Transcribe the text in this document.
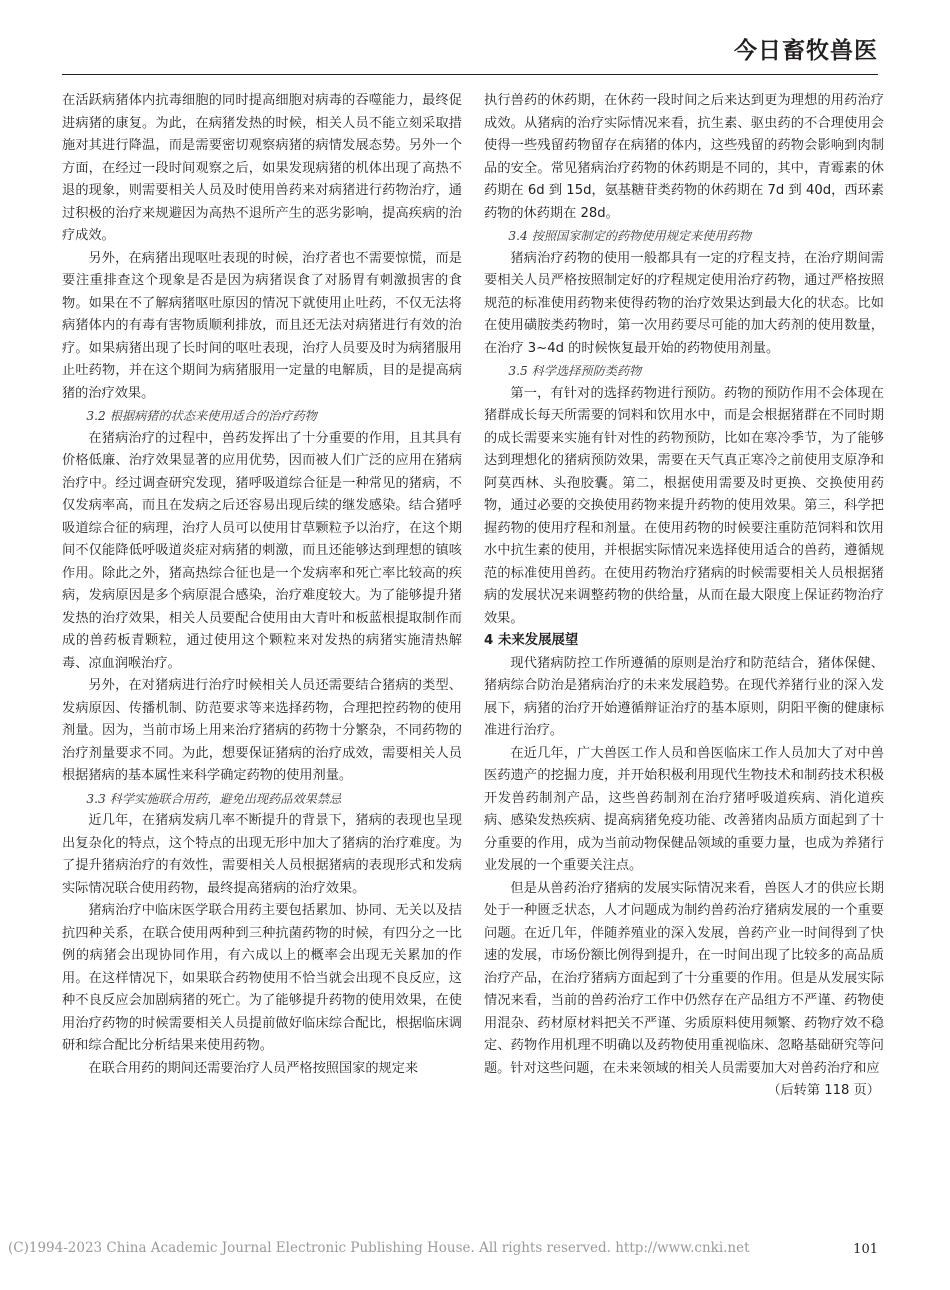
今日畜牧兽医

在活跃病猪体内抗毒细胞的同时提高细胞对病毒的吞噬能力，最终促进病猪的康复。为此，在病猪发热的时候，相关人员不能立刻采取措施对其进行降温，而是需要密切观察病猪的病情发展态势。另外一个方面，在经过一段时间观察之后，如果发现病猪的机体出现了高热不退的现象，则需要相关人员及时使用兽药来对病猪进行药物治疗，通过积极的治疗来规避因为高热不退所产生的恶劣影响，提高疾病的治疗成效。

另外，在病猪出现呕吐表现的时候，治疗者也不需要惊慌，而是要注重排查这个现象是否是因为病猪误食了对肠胃有刺激损害的食物。如果在不了解病猪呕吐原因的情况下就使用止吐药，不仅无法将病猪体内的有毒有害物质顺利排放，而且还无法对病猪进行有效的治疗。如果病猪出现了长时间的呕吐表现，治疗人员要及时为病猪服用止吐药物，并在这个期间为病猪服用一定量的电解质，目的是提高病猪的治疗效果。

3.2 根据病猪的状态来使用适合的治疗药物

在猪病治疗的过程中，兽药发挥出了十分重要的作用，且其具有价格低廉、治疗效果显著的应用优势，因而被人们广泛的应用在猪病治疗中。经过调查研究发现，猪呼吸道综合征是一种常见的猪病，不仅发病率高，而且在发病之后还容易出现后续的继发感染。结合猪呼吸道综合征的病理，治疗人员可以使用甘草颗粒予以治疗，在这个期间不仅能降低呼吸道炎症对病猪的刺激，而且还能够达到理想的镇咳作用。除此之外，猪高热综合征也是一个发病率和死亡率比较高的疾病，发病原因是多个病原混合感染，治疗难度较大。为了能够提升猪发热的治疗效果，相关人员要配合使用由大青叶和板蓝根提取制作而成的兽药板青颗粒，通过使用这个颗粒来对发热的病猪实施清热解毒、凉血润喉治疗。

另外，在对猪病进行治疗时候相关人员还需要结合猪病的类型、发病原因、传播机制、防范要求等来选择药物，合理把控药物的使用剂量。因为，当前市场上用来治疗猪病的药物十分繁杂，不同药物的治疗剂量要求不同。为此，想要保证猪病的治疗成效，需要相关人员根据猪病的基本属性来科学确定药物的使用剂量。

3.3 科学实施联合用药，避免出现药品效果禁忌

近几年，在猪病发病几率不断提升的背景下，猪病的表现也呈现出复杂化的特点，这个特点的出现无形中加大了猪病的治疗难度。为了提升猪病治疗的有效性，需要相关人员根据猪病的表现形式和发病实际情况联合使用药物，最终提高猪病的治疗效果。

猪病治疗中临床医学联合用药主要包括累加、协同、无关以及拮抗四种关系，在联合使用两种到三种抗菌药物的时候，有四分之一比例的病猪会出现协同作用，有六成以上的概率会出现无关累加的作用。在这样情况下，如果联合药物使用不恰当就会出现不良反应，这种不良反应会加剧病猪的死亡。为了能够提升药物的使用效果，在使用治疗药物的时候需要相关人员提前做好临床综合配比，根据临床调研和综合配比分析结果来使用药物。

在联合用药的期间还需要治疗人员严格按照国家的规定来

执行兽药的休药期，在休药一段时间之后来达到更为理想的用药治疗成效。从猪病的治疗实际情况来看，抗生素、驱虫药的不合理使用会使得一些残留药物留存在病猪的体内，这些残留的药物会影响到肉制品的安全。常见猪病治疗药物的休药期是不同的，其中，青霉素的休药期在 6d 到 15d，氨基糖苷类药物的休药期在 7d 到 40d，西环素药物的休药期在 28d。

3.4 按照国家制定的药物使用规定来使用药物

猪病治疗药物的使用一般都具有一定的疗程支持，在治疗期间需要相关人员严格按照制定好的疗程规定使用治疗药物，通过严格按照规范的标准使用药物来使得药物的治疗效果达到最大化的状态。比如在使用磺胺类药物时，第一次用药要尽可能的加大药剂的使用数量，在治疗 3~4d 的时候恢复最开始的药物使用剂量。

3.5 科学选择预防类药物

第一，有针对的选择药物进行预防。药物的预防作用不会体现在猪群成长每天所需要的饲料和饮用水中，而是会根据猪群在不同时期的成长需要来实施有针对性的药物预防，比如在寒冷季节，为了能够达到理想化的猪病预防效果，需要在天气真正寒冷之前使用支原净和阿莫西林、头孢胶囊。第二，根据使用需要及时更换、交换使用药物，通过必要的交换使用药物来提升药物的使用效果。第三，科学把握药物的使用疗程和剂量。在使用药物的时候要注重防范饲料和饮用水中抗生素的使用，并根据实际情况来选择使用适合的兽药，遵循规范的标准使用兽药。在使用药物治疗猪病的时候需要相关人员根据猪病的发展状况来调整药物的供给量，从而在最大限度上保证药物治疗效果。

4 未来发展展望

现代猪病防控工作所遵循的原则是治疗和防范结合，猪体保健、猪病综合防治是猪病治疗的未来发展趋势。在现代养猪行业的深入发展下，病猪的治疗开始遵循辩证治疗的基本原则，阴阳平衡的健康标准进行治疗。

在近几年，广大兽医工作人员和兽医临床工作人员加大了对中兽医药遗产的挖掘力度，并开始积极利用现代生物技术和制药技术积极开发兽药制剂产品，这些兽药制剂在治疗猪呼吸道疾病、消化道疾病、感染发热疾病、提高病猪免疫功能、改善猪肉品质方面起到了十分重要的作用，成为当前动物保健品领域的重要力量，也成为养猪行业发展的一个重要关注点。

但是从兽药治疗猪病的发展实际情况来看，兽医人才的供应长期处于一种匮乏状态，人才问题成为制约兽药治疗猪病发展的一个重要问题。在近几年，伴随养殖业的深入发展，兽药产业一时间得到了快速的发展，市场份额比例得到提升，在一时间出现了比较多的高品质治疗产品，在治疗猪病方面起到了十分重要的作用。但是从发展实际情况来看，当前的兽药治疗工作中仍然存在产品组方不严谨、药物使用混杂、药材原材料把关不严谨、劣质原料使用频繁、药物疗效不稳定、药物作用机理不明确以及药物使用重视临床、忽略基础研究等问题。针对这些问题，在未来领域的相关人员需要加大对兽药治疗和应

（后转第 118 页）

(C)1994-2023 China Academic Journal Electronic Publishing House. All rights reserved. http://www.cnki.net	101
